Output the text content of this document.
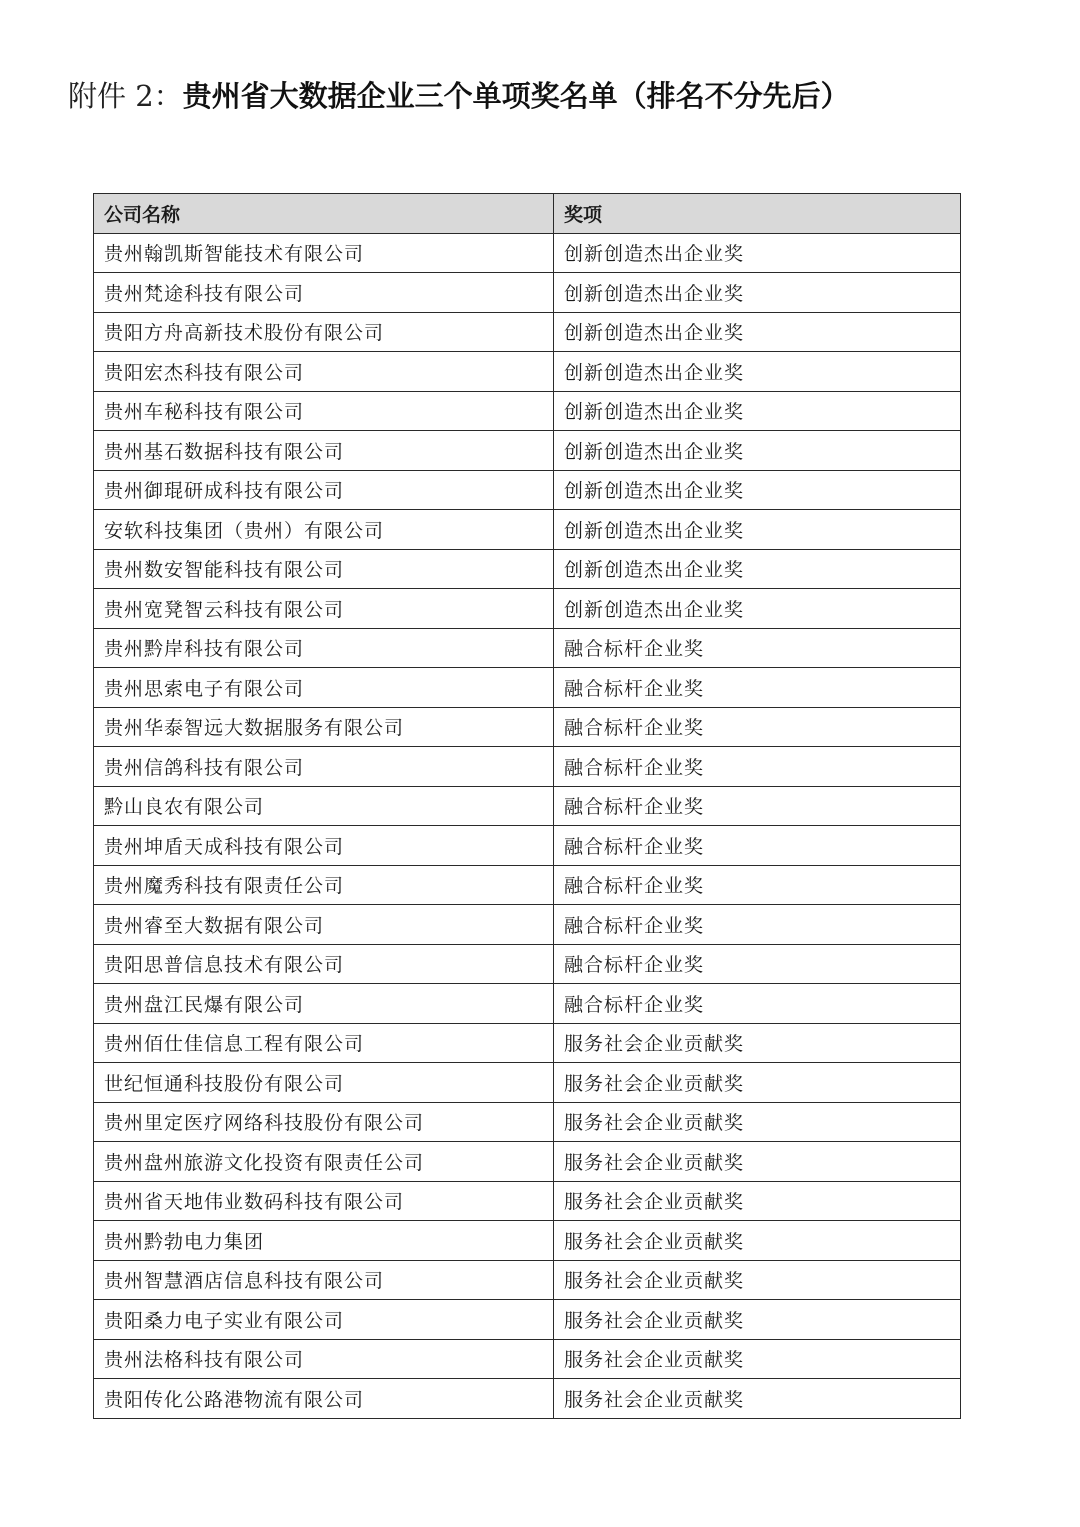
附件 2：贵州省大数据企业三个单项奖名单（排名不分先后）
公司名称	奖项
贵州翰凯斯智能技术有限公司	创新创造杰出企业奖
贵州梵途科技有限公司	创新创造杰出企业奖
贵阳方舟高新技术股份有限公司	创新创造杰出企业奖
贵阳宏杰科技有限公司	创新创造杰出企业奖
贵州车秘科技有限公司	创新创造杰出企业奖
贵州基石数据科技有限公司	创新创造杰出企业奖
贵州御琨研成科技有限公司	创新创造杰出企业奖
安软科技集团（贵州）有限公司	创新创造杰出企业奖
贵州数安智能科技有限公司	创新创造杰出企业奖
贵州宽凳智云科技有限公司	创新创造杰出企业奖
贵州黔岸科技有限公司	融合标杆企业奖
贵州思索电子有限公司	融合标杆企业奖
贵州华泰智远大数据服务有限公司	融合标杆企业奖
贵州信鸽科技有限公司	融合标杆企业奖
黔山良农有限公司	融合标杆企业奖
贵州坤盾天成科技有限公司	融合标杆企业奖
贵州魔秀科技有限责任公司	融合标杆企业奖
贵州睿至大数据有限公司	融合标杆企业奖
贵阳思普信息技术有限公司	融合标杆企业奖
贵州盘江民爆有限公司	融合标杆企业奖
贵州佰仕佳信息工程有限公司	服务社会企业贡献奖
世纪恒通科技股份有限公司	服务社会企业贡献奖
贵州里定医疗网络科技股份有限公司	服务社会企业贡献奖
贵州盘州旅游文化投资有限责任公司	服务社会企业贡献奖
贵州省天地伟业数码科技有限公司	服务社会企业贡献奖
贵州黔勃电力集团	服务社会企业贡献奖
贵州智慧酒店信息科技有限公司	服务社会企业贡献奖
贵阳桑力电子实业有限公司	服务社会企业贡献奖
贵州法格科技有限公司	服务社会企业贡献奖
贵阳传化公路港物流有限公司	服务社会企业贡献奖
